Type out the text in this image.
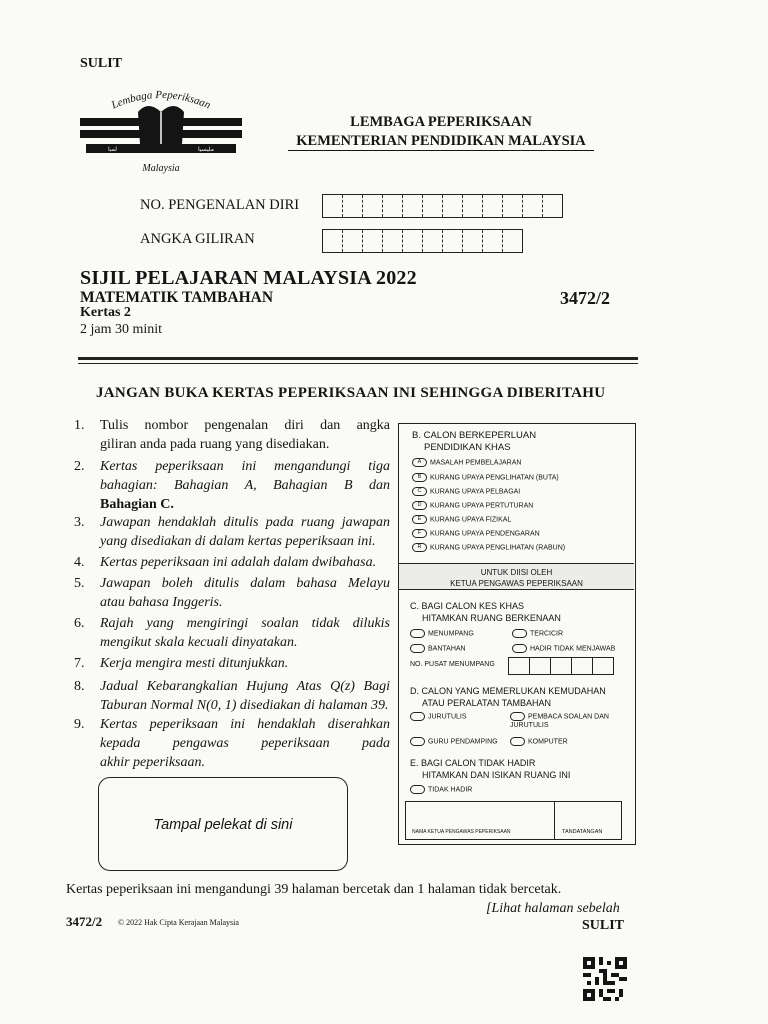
SULIT
Lembaga Peperiksaan
ﻟﻤﺒﺎ	ﻣﻠﻴﺴﻴﺎ
Malaysia
LEMBAGA PEPERIKSAAN
KEMENTERIAN PENDIDIKAN MALAYSIA
NO. PENGENALAN DIRI
ANGKA GILIRAN
SIJIL PELAJARAN MALAYSIA 2022
MATEMATIK TAMBAHAN
Kertas 2
2 jam 30 minit
3472/2
JANGAN BUKA KERTAS PEPERIKSAAN INI SEHINGGA DIBERITAHU
1. Tulis nombor pengenalan diri dan angka
giliran anda pada ruang yang disediakan.
2. Kertas peperiksaan ini mengandungi tiga
bahagian: Bahagian A, Bahagian B dan
Bahagian C.
3. Jawapan hendaklah ditulis pada ruang jawapan
yang disediakan di dalam kertas peperiksaan ini.
4. Kertas peperiksaan ini adalah dalam dwibahasa.
5. Jawapan boleh ditulis dalam bahasa Melayu
atau bahasa Inggeris.
6. Rajah yang mengiringi soalan tidak dilukis
mengikut skala kecuali dinyatakan.
7. Kerja mengira mesti ditunjukkan.
8. Jadual Kebarangkalian Hujung Atas Q(z) Bagi
Taburan Normal N(0, 1) disediakan di halaman 39.
9. Kertas peperiksaan ini hendaklah diserahkan
kepada pengawas peperiksaan pada
akhir peperiksaan.
Tampal pelekat di sini
B. CALON BERKEPERLUAN
PENDIDIKAN KHAS
A MASALAH PEMBELAJARAN
B KURANG UPAYA PENGLIHATAN (BUTA)
C KURANG UPAYA PELBAGAI
D KURANG UPAYA PERTUTURAN
E KURANG UPAYA FIZIKAL
F KURANG UPAYA PENDENGARAN
R KURANG UPAYA PENGLIHATAN (RABUN)
UNTUK DIISI OLEH
KETUA PENGAWAS PEPERIKSAAN
C. BAGI CALON KES KHAS
HITAMKAN RUANG BERKENAAN
MENUMPANG	TERCICIR
BANTAHAN	HADIR TIDAK MENJAWAB
NO. PUSAT MENUMPANG
D. CALON YANG MEMERLUKAN KEMUDAHAN
ATAU PERALATAN TAMBAHAN
JURUTULIS	PEMBACA SOALAN DAN JURUTULIS
GURU PENDAMPING	KOMPUTER
E. BAGI CALON TIDAK HADIR
HITAMKAN DAN ISIKAN RUANG INI
TIDAK HADIR
NAMA KETUA PENGAWAS PEPERIKSAAN	TANDATANGAN
Kertas peperiksaan ini mengandungi 39 halaman bercetak dan 1 halaman tidak bercetak.
[Lihat halaman sebelah
3472/2 © 2022 Hak Cipta Kerajaan Malaysia	SULIT
